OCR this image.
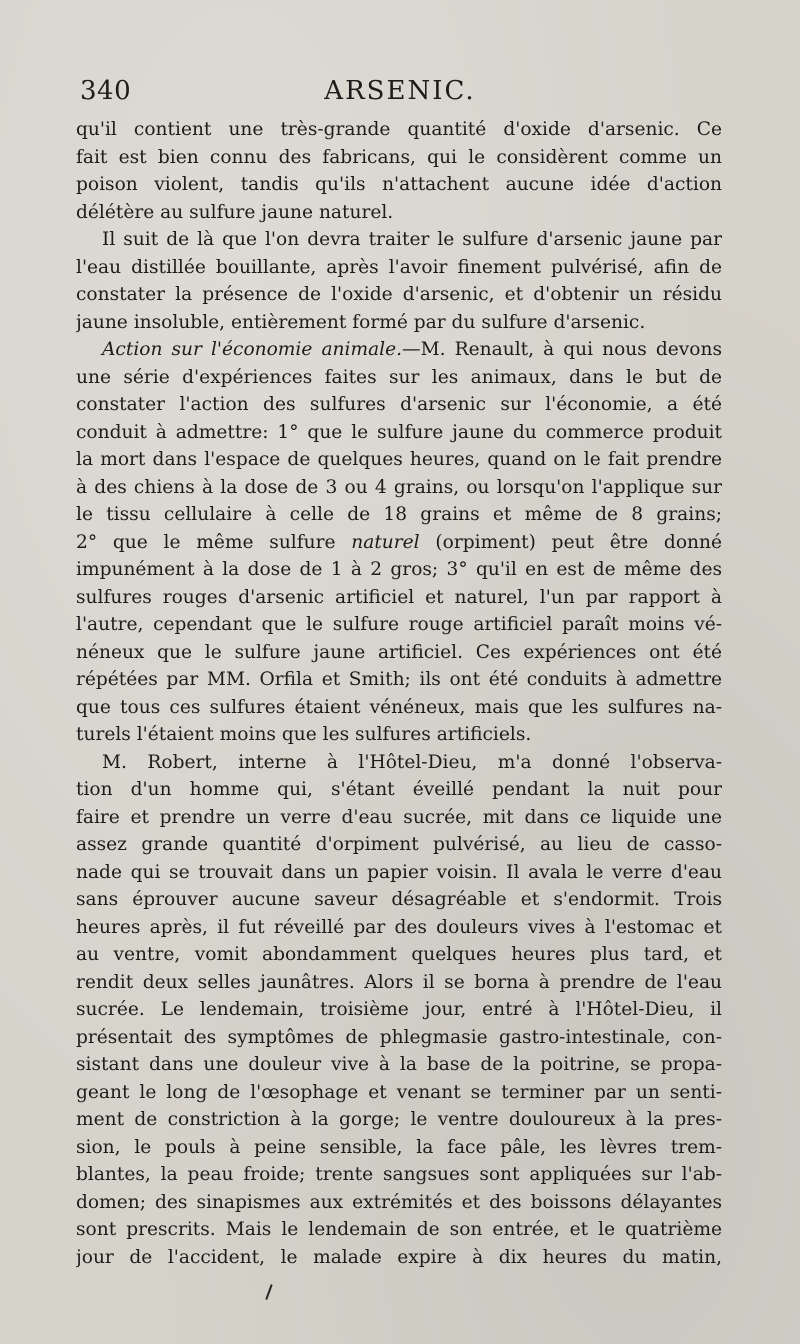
340	ARSENIC.
qu'il contient une très-grande quantité d'oxide d'arsenic. Ce
fait est bien connu des fabricans, qui le considèrent comme un
poison violent, tandis qu'ils n'attachent aucune idée d'action
délétère au sulfure jaune naturel.
Il suit de là que l'on devra traiter le sulfure d'arsenic jaune par
l'eau distillée bouillante, après l'avoir finement pulvérisé, afin de
constater la présence de l'oxide d'arsenic, et d'obtenir un résidu
jaune insoluble, entièrement formé par du sulfure d'arsenic.
Action sur l'économie animale.—M. Renault, à qui nous devons
une série d'expériences faites sur les animaux, dans le but de
constater l'action des sulfures d'arsenic sur l'économie, a été
conduit à admettre: 1° que le sulfure jaune du commerce produit
la mort dans l'espace de quelques heures, quand on le fait prendre
à des chiens à la dose de 3 ou 4 grains, ou lorsqu'on l'applique sur
le tissu cellulaire à celle de 18 grains et même de 8 grains;
2° que le même sulfure naturel (orpiment) peut être donné
impunément à la dose de 1 à 2 gros; 3° qu'il en est de même des
sulfures rouges d'arsenic artificiel et naturel, l'un par rapport à
l'autre, cependant que le sulfure rouge artificiel paraît moins vé-
néneux que le sulfure jaune artificiel. Ces expériences ont été
répétées par MM. Orfila et Smith; ils ont été conduits à admettre
que tous ces sulfures étaient vénéneux, mais que les sulfures na-
turels l'étaient moins que les sulfures artificiels.
M. Robert, interne à l'Hôtel-Dieu, m'a donné l'observa-
tion d'un homme qui, s'étant éveillé pendant la nuit pour
faire et prendre un verre d'eau sucrée, mit dans ce liquide une
assez grande quantité d'orpiment pulvérisé, au lieu de casso-
nade qui se trouvait dans un papier voisin. Il avala le verre d'eau
sans éprouver aucune saveur désagréable et s'endormit. Trois
heures après, il fut réveillé par des douleurs vives à l'estomac et
au ventre, vomit abondamment quelques heures plus tard, et
rendit deux selles jaunâtres. Alors il se borna à prendre de l'eau
sucrée. Le lendemain, troisième jour, entré à l'Hôtel-Dieu, il
présentait des symptômes de phlegmasie gastro-intestinale, con-
sistant dans une douleur vive à la base de la poitrine, se propa-
geant le long de l'œsophage et venant se terminer par un senti-
ment de constriction à la gorge; le ventre douloureux à la pres-
sion, le pouls à peine sensible, la face pâle, les lèvres trem-
blantes, la peau froide; trente sangsues sont appliquées sur l'ab-
domen; des sinapismes aux extrémités et des boissons délayantes
sont prescrits. Mais le lendemain de son entrée, et le quatrième
jour de l'accident, le malade expire à dix heures du matin,
